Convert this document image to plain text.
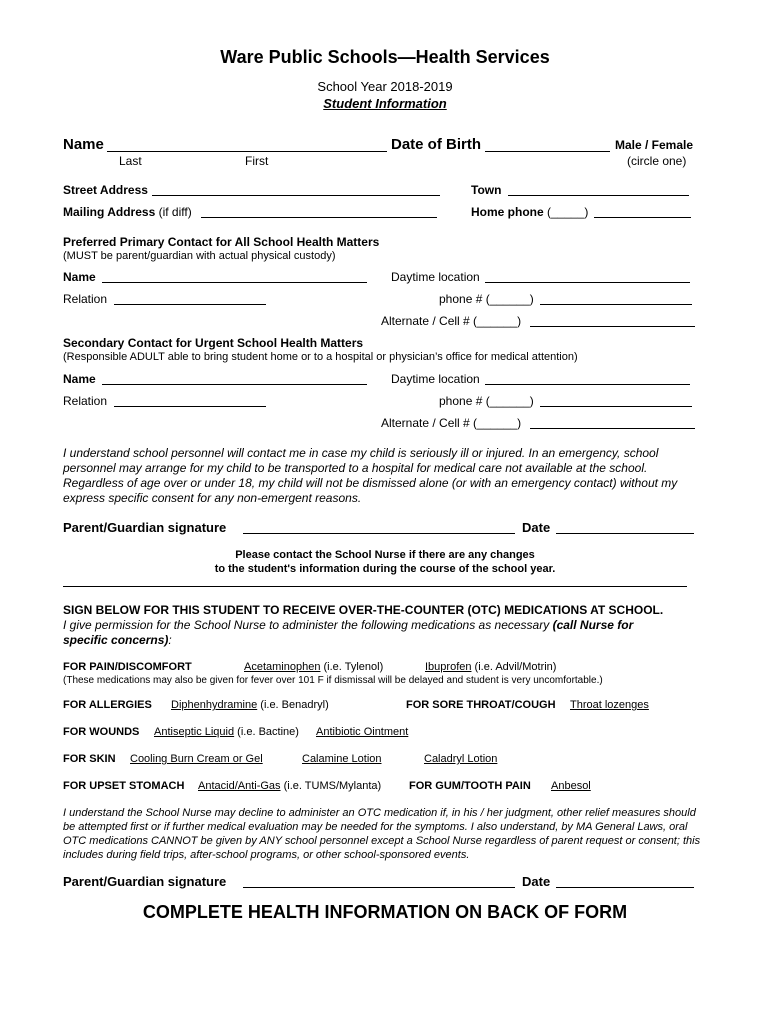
Ware Public Schools—Health Services
School Year 2018-2019
Student Information
Name
Last	First
Date of Birth	Male / Female
(circle one)
Street Address	Town
Mailing Address (if diff)	Home phone (_____)
Preferred Primary Contact for All School Health Matters
(MUST be parent/guardian with actual physical custody)
Name	Daytime location
Relation	phone # (______)
Alternate / Cell # (______)
Secondary Contact for Urgent School Health Matters
(Responsible ADULT able to bring student home or to a hospital or physician’s office for medical attention)
Name	Daytime location
Relation	phone # (______)
Alternate / Cell # (______)
I understand school personnel will contact me in case my child is seriously ill or injured. In an emergency, school personnel may arrange for my child to be transported to a hospital for medical care not available at the school. Regardless of age over or under 18, my child will not be dismissed alone (or with an emergency contact) without my express specific consent for any non-emergent reasons.
Parent/Guardian signature	Date
Please contact the School Nurse if there are any changes
to the student's information during the course of the school year.
SIGN BELOW FOR THIS STUDENT TO RECEIVE OVER-THE-COUNTER (OTC) MEDICATIONS AT SCHOOL.
I give permission for the School Nurse to administer the following medications as necessary (call Nurse for
specific concerns):
FOR PAIN/DISCOMFORT	Acetaminophen (i.e. Tylenol)	Ibuprofen (i.e. Advil/Motrin)
(These medications may also be given for fever over 101 F if dismissal will be delayed and student is very uncomfortable.)
FOR ALLERGIES Diphenhydramine (i.e. Benadryl)	FOR SORE THROAT/COUGH Throat lozenges
FOR WOUNDS Antiseptic Liquid (i.e. Bactine) Antibiotic Ointment
FOR SKIN Cooling Burn Cream or Gel	Calamine Lotion	Caladryl Lotion
FOR UPSET STOMACH Antacid/Anti-Gas (i.e. TUMS/Mylanta)	FOR GUM/TOOTH PAIN Anbesol
I understand the School Nurse may decline to administer an OTC medication if, in his / her judgment, other relief measures should be attempted first or if further medical evaluation may be needed for the symptoms. I also understand, by MA General Laws, oral OTC medications CANNOT be given by ANY school personnel except a School Nurse regardless of parent request or consent; this includes during field trips, after-school programs, or other school-sponsored events.
Parent/Guardian signature	Date
COMPLETE HEALTH INFORMATION ON BACK OF FORM
